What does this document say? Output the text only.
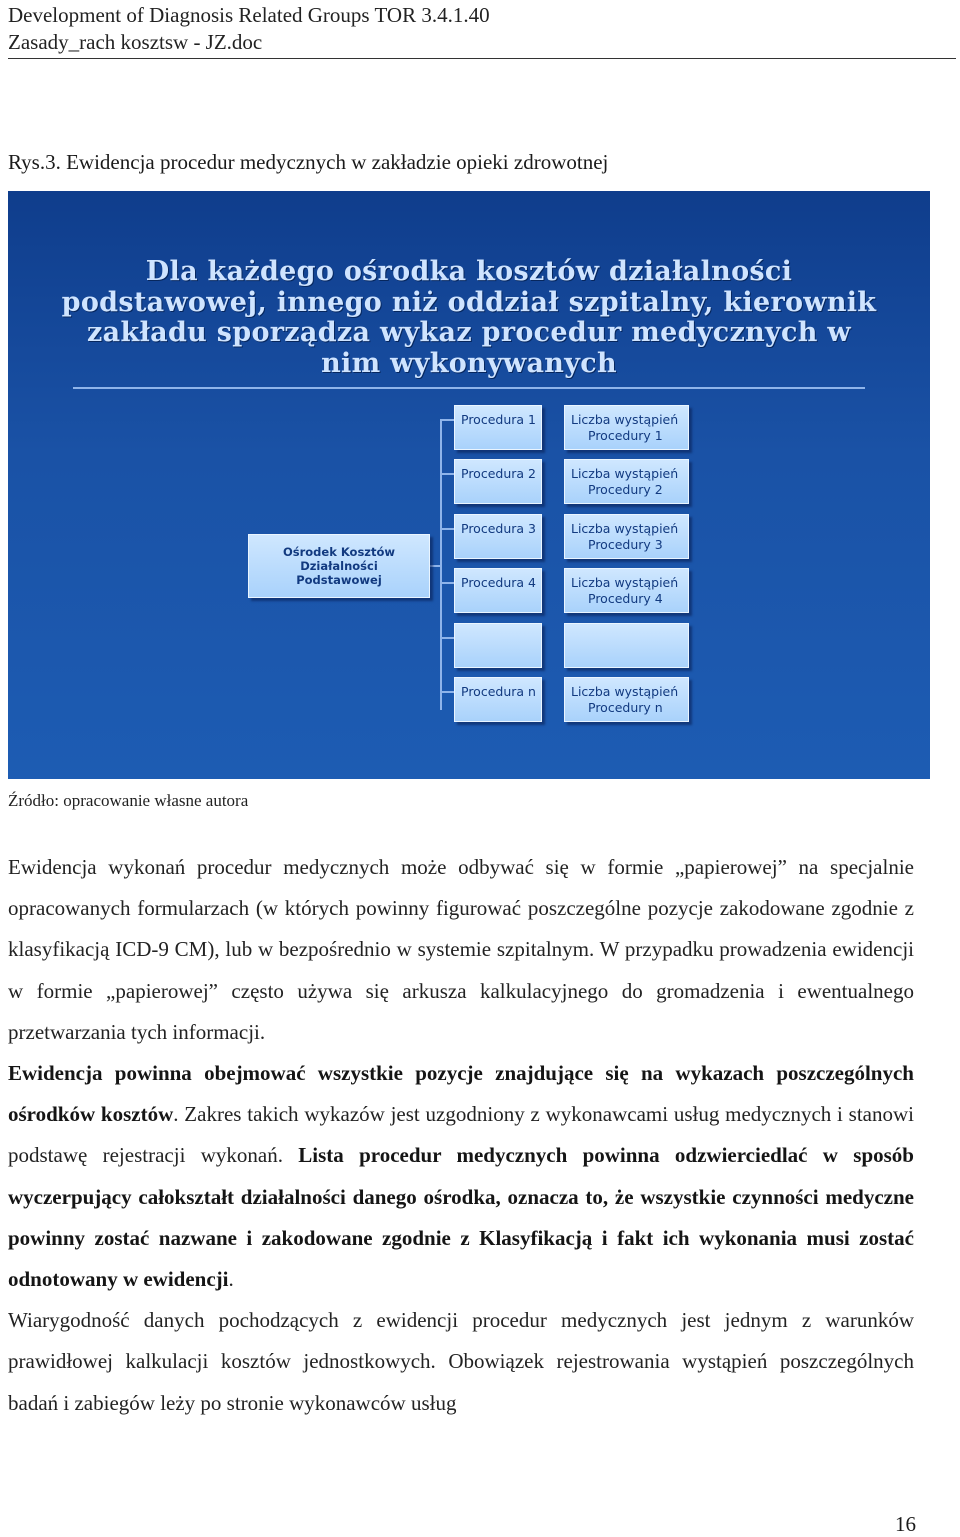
Development of Diagnosis Related Groups TOR 3.4.1.40
Zasady_rach kosztsw - JZ.doc
Rys.3. Ewidencja procedur medycznych w zakładzie opieki zdrowotnej
Dla każdego ośrodka kosztów działalności
podstawowej, innego niż oddział szpitalny, kierownik
zakładu sporządza wykaz procedur medycznych w
nim wykonywanych
Ośrodek Kosztów
Działalności
Podstawowej
Procedura 1	Liczba wystąpień
Procedury 1
Procedura 2	Liczba wystąpień
Procedury 2
Procedura 3	Liczba wystąpień
Procedury 3
Procedura 4	Liczba wystąpień
Procedury 4
Procedura n	Liczba wystąpień
Procedury n
Źródło: opracowanie własne autora

Ewidencja wykonań procedur medycznych może odbywać się w formie „papierowej” na specjalnie opracowanych formularzach (w których powinny figurować poszczególne pozycje zakodowane zgodnie z klasyfikacją ICD-9 CM), lub w bezpośrednio w systemie szpitalnym. W przypadku prowadzenia ewidencji w formie „papierowej” często używa się arkusza kalkulacyjnego do gromadzenia i ewentualnego przetwarzania tych informacji.

Ewidencja powinna obejmować wszystkie pozycje znajdujące się na wykazach poszczególnych ośrodków kosztów. Zakres takich wykazów jest uzgodniony z wykonawcami usług medycznych i stanowi podstawę rejestracji wykonań. Lista procedur medycznych powinna odzwierciedlać w sposób wyczerpujący całokształt działalności danego ośrodka, oznacza to, że wszystkie czynności medyczne powinny zostać nazwane i zakodowane zgodnie z Klasyfikacją i fakt ich wykonania musi zostać odnotowany w ewidencji.

Wiarygodność danych pochodzących z ewidencji procedur medycznych jest jednym z warunków prawidłowej kalkulacji kosztów jednostkowych. Obowiązek rejestrowania wystąpień poszczególnych badań i zabiegów leży po stronie wykonawców usług

16
